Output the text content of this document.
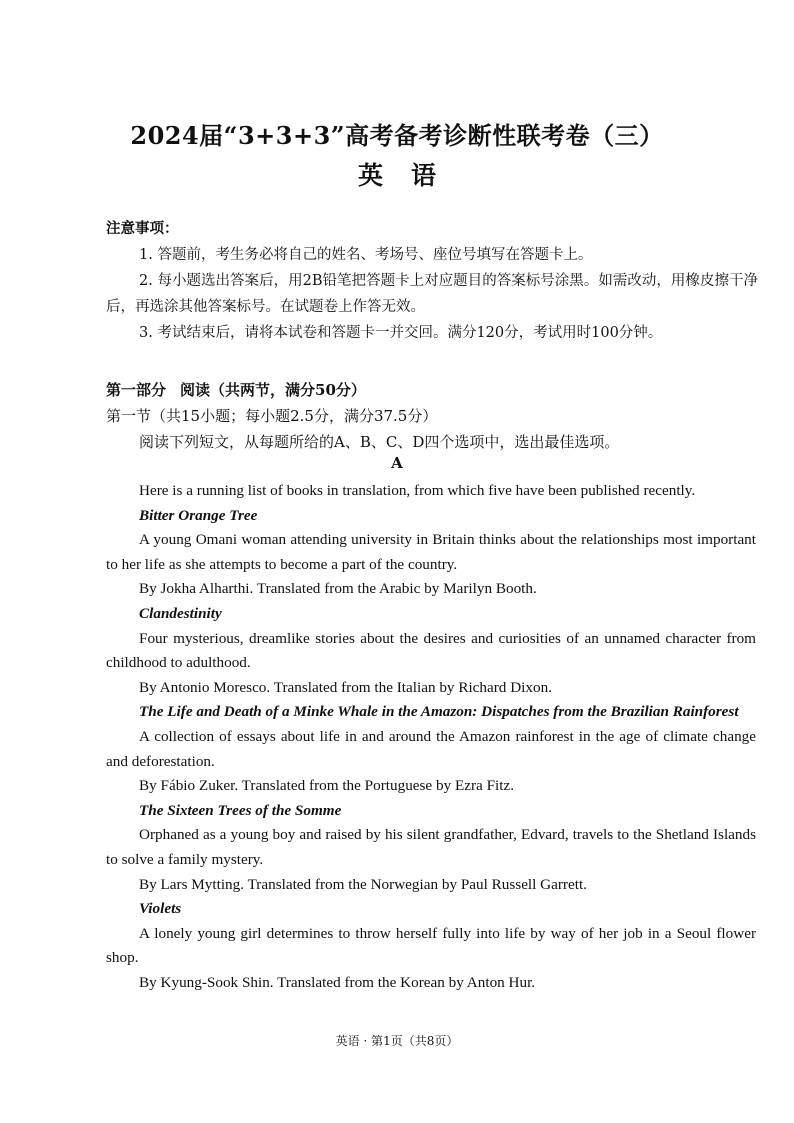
2024届“3+3+3”高考备考诊断性联考卷（三）
英语
注意事项：
1. 答题前，考生务必将自己的姓名、考场号、座位号填写在答题卡上。
2. 每小题选出答案后，用2B铅笔把答题卡上对应题目的答案标号涂黑。如需改动，用橡皮擦干净后，再选涂其他答案标号。在试题卷上作答无效。
3. 考试结束后，请将本试卷和答题卡一并交回。满分120分，考试用时100分钟。
第一部分 阅读（共两节，满分50分）
第一节（共15小题；每小题2.5分，满分37.5分）
阅读下列短文，从每题所给的A、B、C、D四个选项中，选出最佳选项。
A

Here is a running list of books in translation, from which five have been published recently.

Bitter Orange Tree

A young Omani woman attending university in Britain thinks about the relationships most important to her life as she attempts to become a part of the country.

By Jokha Alharthi. Translated from the Arabic by Marilyn Booth.

Clandestinity

Four mysterious, dreamlike stories about the desires and curiosities of an unnamed character from childhood to adulthood.

By Antonio Moresco. Translated from the Italian by Richard Dixon.

The Life and Death of a Minke Whale in the Amazon: Dispatches from the Brazilian Rainforest

A collection of essays about life in and around the Amazon rainforest in the age of climate change and deforestation.

By Fábio Zuker. Translated from the Portuguese by Ezra Fitz.

The Sixteen Trees of the Somme

Orphaned as a young boy and raised by his silent grandfather, Edvard, travels to the Shetland Islands to solve a family mystery.

By Lars Mytting. Translated from the Norwegian by Paul Russell Garrett.

Violets

A lonely young girl determines to throw herself fully into life by way of her job in a Seoul flower shop.

By Kyung-Sook Shin. Translated from the Korean by Anton Hur.

英语 · 第1页（共8页）
